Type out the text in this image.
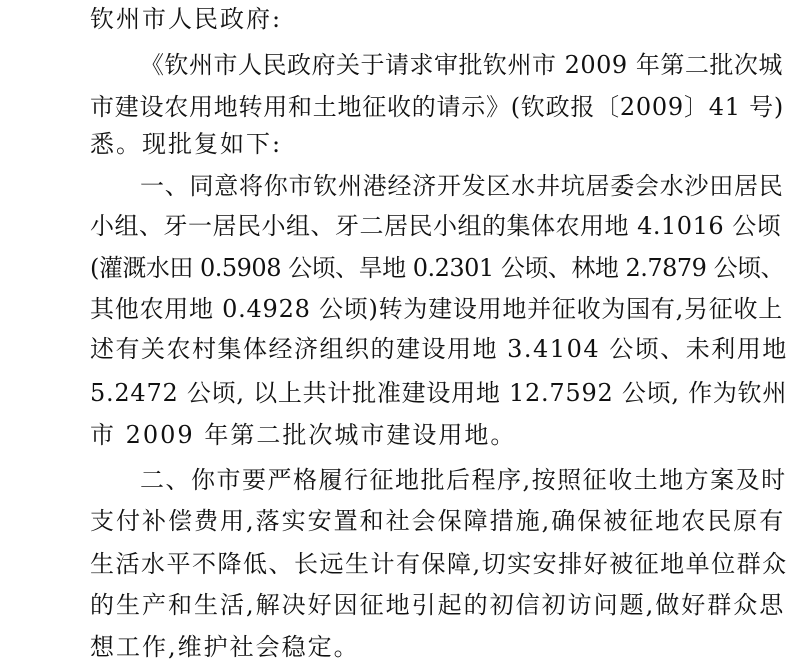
钦州市人民政府:
《钦州市人民政府关于请求审批钦州市 2009 年第二批次城
市建设农用地转用和土地征收的请示》(钦政报〔2009〕41 号)
悉。现批复如下:
一、同意将你市钦州港经济开发区水井坑居委会水沙田居民
小组、牙一居民小组、牙二居民小组的集体农用地 4.1016 公顷
(灌溉水田 0.5908 公顷、旱地 0.2301 公顷、林地 2.7879 公顷、
其他农用地 0.4928 公顷)转为建设用地并征收为国有,另征收上
述有关农村集体经济组织的建设用地 3.4104 公顷、未利用地
5.2472 公顷, 以上共计批准建设用地 12.7592 公顷, 作为钦州
市 2009 年第二批次城市建设用地。
二、你市要严格履行征地批后程序,按照征收土地方案及时
支付补偿费用,落实安置和社会保障措施,确保被征地农民原有
生活水平不降低、长远生计有保障,切实安排好被征地单位群众
的生产和生活,解决好因征地引起的初信初访问题,做好群众思
想工作,维护社会稳定。
